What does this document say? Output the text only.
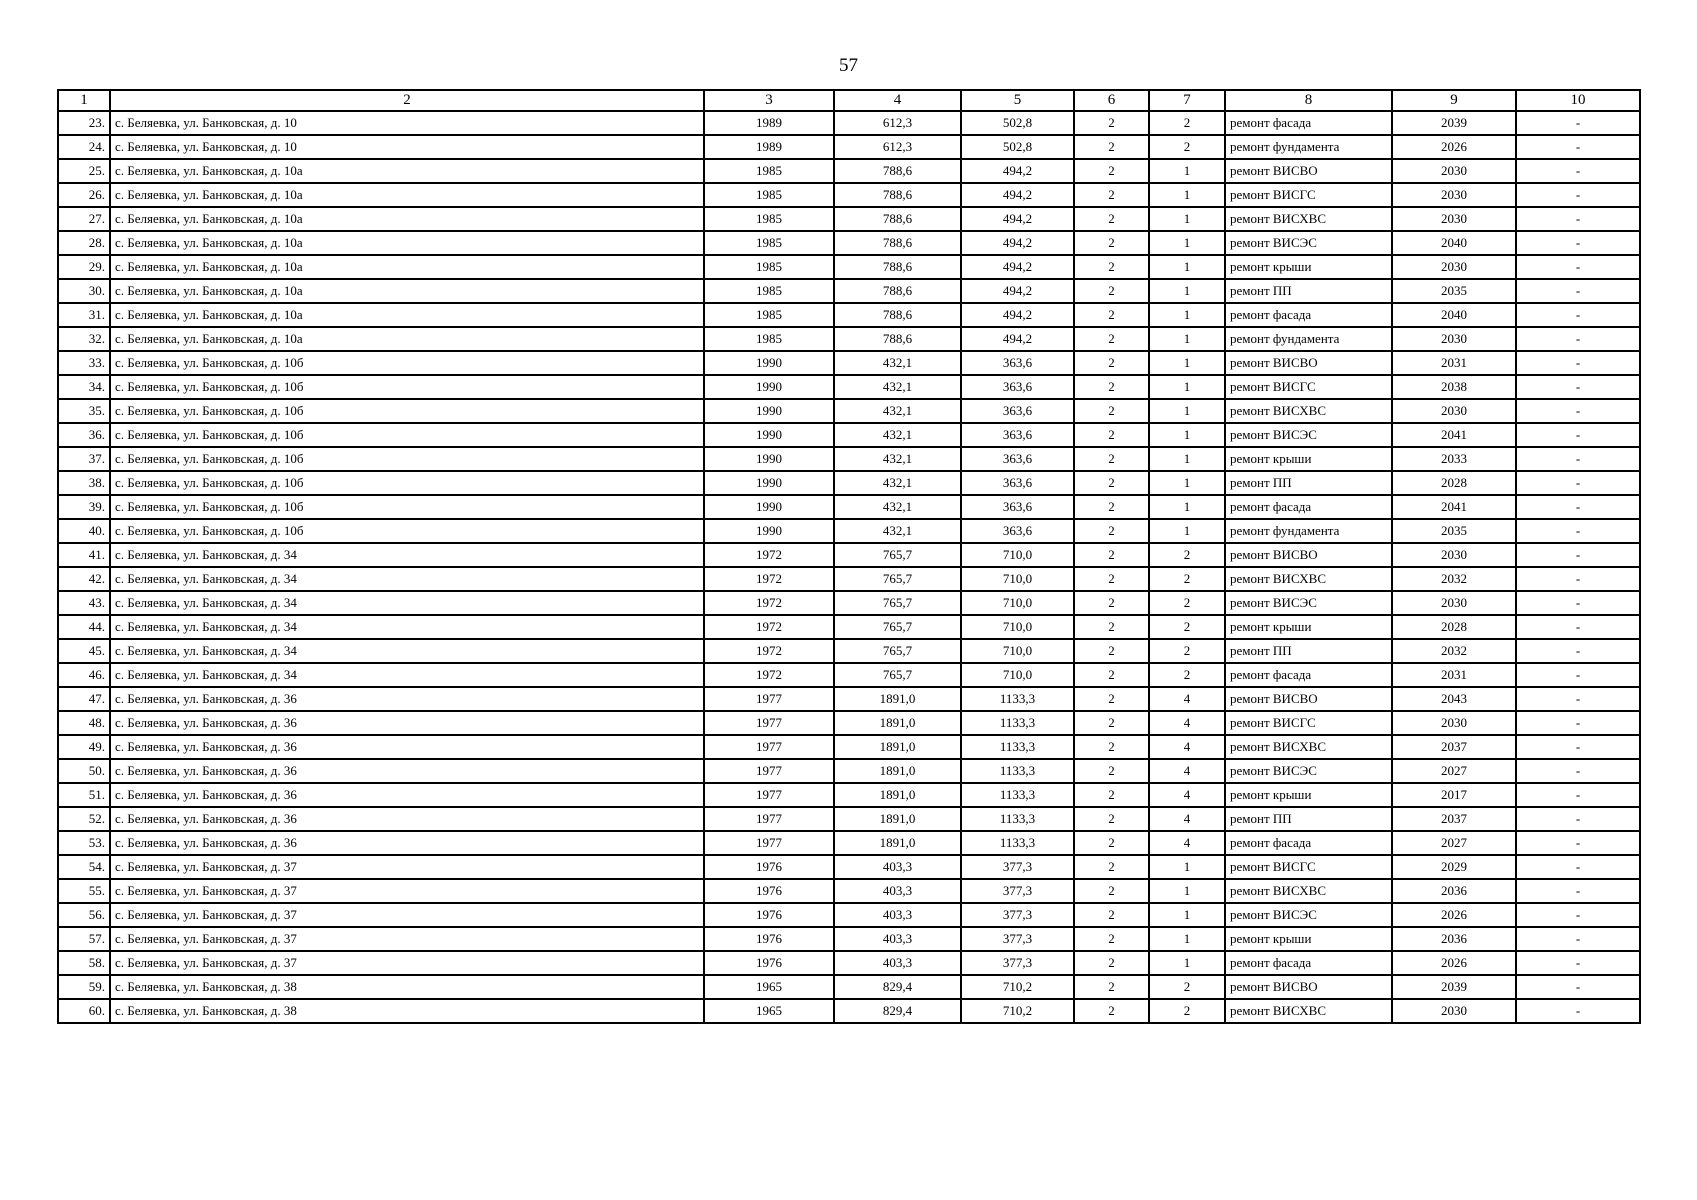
57
1	2	3	4	5	6	7	8	9	10
23.	с. Беляевка, ул. Банковская, д. 10	1989	612,3	502,8	2	2	ремонт фасада	2039	-
24.	с. Беляевка, ул. Банковская, д. 10	1989	612,3	502,8	2	2	ремонт фундамента	2026	-
25.	с. Беляевка, ул. Банковская, д. 10а	1985	788,6	494,2	2	1	ремонт ВИСВО	2030	-
26.	с. Беляевка, ул. Банковская, д. 10а	1985	788,6	494,2	2	1	ремонт ВИСГС	2030	-
27.	с. Беляевка, ул. Банковская, д. 10а	1985	788,6	494,2	2	1	ремонт ВИСХВС	2030	-
28.	с. Беляевка, ул. Банковская, д. 10а	1985	788,6	494,2	2	1	ремонт ВИСЭС	2040	-
29.	с. Беляевка, ул. Банковская, д. 10а	1985	788,6	494,2	2	1	ремонт крыши	2030	-
30.	с. Беляевка, ул. Банковская, д. 10а	1985	788,6	494,2	2	1	ремонт ПП	2035	-
31.	с. Беляевка, ул. Банковская, д. 10а	1985	788,6	494,2	2	1	ремонт фасада	2040	-
32.	с. Беляевка, ул. Банковская, д. 10а	1985	788,6	494,2	2	1	ремонт фундамента	2030	-
33.	с. Беляевка, ул. Банковская, д. 10б	1990	432,1	363,6	2	1	ремонт ВИСВО	2031	-
34.	с. Беляевка, ул. Банковская, д. 10б	1990	432,1	363,6	2	1	ремонт ВИСГС	2038	-
35.	с. Беляевка, ул. Банковская, д. 10б	1990	432,1	363,6	2	1	ремонт ВИСХВС	2030	-
36.	с. Беляевка, ул. Банковская, д. 10б	1990	432,1	363,6	2	1	ремонт ВИСЭС	2041	-
37.	с. Беляевка, ул. Банковская, д. 10б	1990	432,1	363,6	2	1	ремонт крыши	2033	-
38.	с. Беляевка, ул. Банковская, д. 10б	1990	432,1	363,6	2	1	ремонт ПП	2028	-
39.	с. Беляевка, ул. Банковская, д. 10б	1990	432,1	363,6	2	1	ремонт фасада	2041	-
40.	с. Беляевка, ул. Банковская, д. 10б	1990	432,1	363,6	2	1	ремонт фундамента	2035	-
41.	с. Беляевка, ул. Банковская, д. 34	1972	765,7	710,0	2	2	ремонт ВИСВО	2030	-
42.	с. Беляевка, ул. Банковская, д. 34	1972	765,7	710,0	2	2	ремонт ВИСХВС	2032	-
43.	с. Беляевка, ул. Банковская, д. 34	1972	765,7	710,0	2	2	ремонт ВИСЭС	2030	-
44.	с. Беляевка, ул. Банковская, д. 34	1972	765,7	710,0	2	2	ремонт крыши	2028	-
45.	с. Беляевка, ул. Банковская, д. 34	1972	765,7	710,0	2	2	ремонт ПП	2032	-
46.	с. Беляевка, ул. Банковская, д. 34	1972	765,7	710,0	2	2	ремонт фасада	2031	-
47.	с. Беляевка, ул. Банковская, д. 36	1977	1891,0	1133,3	2	4	ремонт ВИСВО	2043	-
48.	с. Беляевка, ул. Банковская, д. 36	1977	1891,0	1133,3	2	4	ремонт ВИСГС	2030	-
49.	с. Беляевка, ул. Банковская, д. 36	1977	1891,0	1133,3	2	4	ремонт ВИСХВС	2037	-
50.	с. Беляевка, ул. Банковская, д. 36	1977	1891,0	1133,3	2	4	ремонт ВИСЭС	2027	-
51.	с. Беляевка, ул. Банковская, д. 36	1977	1891,0	1133,3	2	4	ремонт крыши	2017	-
52.	с. Беляевка, ул. Банковская, д. 36	1977	1891,0	1133,3	2	4	ремонт ПП	2037	-
53.	с. Беляевка, ул. Банковская, д. 36	1977	1891,0	1133,3	2	4	ремонт фасада	2027	-
54.	с. Беляевка, ул. Банковская, д. 37	1976	403,3	377,3	2	1	ремонт ВИСГС	2029	-
55.	с. Беляевка, ул. Банковская, д. 37	1976	403,3	377,3	2	1	ремонт ВИСХВС	2036	-
56.	с. Беляевка, ул. Банковская, д. 37	1976	403,3	377,3	2	1	ремонт ВИСЭС	2026	-
57.	с. Беляевка, ул. Банковская, д. 37	1976	403,3	377,3	2	1	ремонт крыши	2036	-
58.	с. Беляевка, ул. Банковская, д. 37	1976	403,3	377,3	2	1	ремонт фасада	2026	-
59.	с. Беляевка, ул. Банковская, д. 38	1965	829,4	710,2	2	2	ремонт ВИСВО	2039	-
60.	с. Беляевка, ул. Банковская, д. 38	1965	829,4	710,2	2	2	ремонт ВИСХВС	2030	-
